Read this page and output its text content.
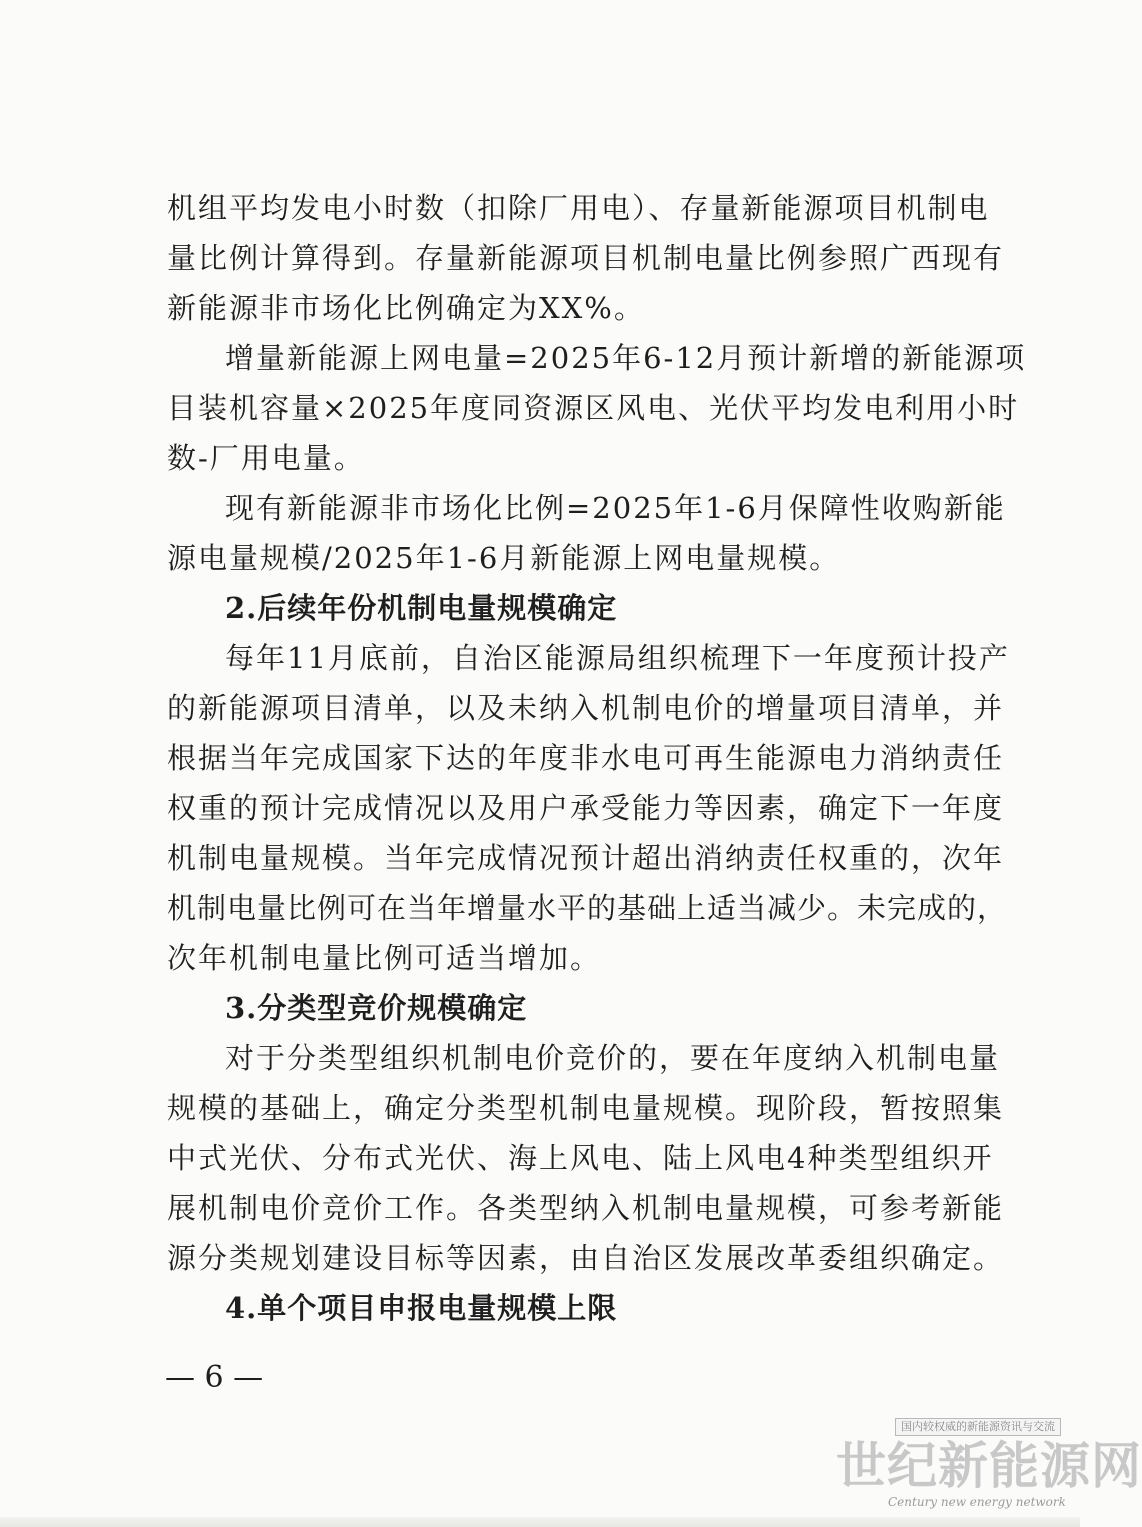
机组平均发电小时数（扣除厂用电）、存量新能源项目机制电
量比例计算得到。存量新能源项目机制电量比例参照广西现有
新能源非市场化比例确定为XX%。
增量新能源上网电量=2025年6-12月预计新增的新能源项
目装机容量×2025年度同资源区风电、光伏平均发电利用小时
数-厂用电量。
现有新能源非市场化比例=2025年1-6月保障性收购新能
源电量规模/2025年1-6月新能源上网电量规模。
2.后续年份机制电量规模确定
每年11月底前，自治区能源局组织梳理下一年度预计投产
的新能源项目清单，以及未纳入机制电价的增量项目清单，并
根据当年完成国家下达的年度非水电可再生能源电力消纳责任
权重的预计完成情况以及用户承受能力等因素，确定下一年度
机制电量规模。当年完成情况预计超出消纳责任权重的，次年
机制电量比例可在当年增量水平的基础上适当减少。未完成的，
次年机制电量比例可适当增加。
3.分类型竞价规模确定
对于分类型组织机制电价竞价的，要在年度纳入机制电量
规模的基础上，确定分类型机制电量规模。现阶段，暂按照集
中式光伏、分布式光伏、海上风电、陆上风电4种类型组织开
展机制电价竞价工作。各类型纳入机制电量规模，可参考新能
源分类规划建设目标等因素，由自治区发展改革委组织确定。
4.单个项目申报电量规模上限
— 6 —
国内较权威的新能源资讯与交流
世纪新能源网
Century new energy network
